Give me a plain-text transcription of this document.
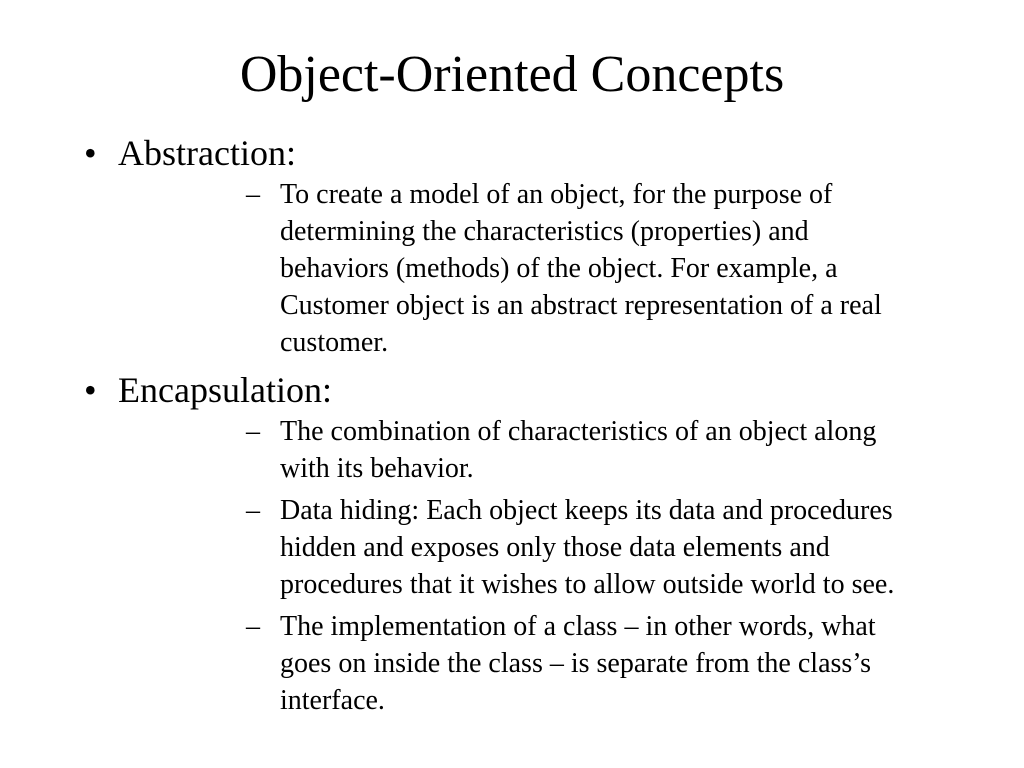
Object-Oriented Concepts
• Abstraction:
– To create a model of an object, for the purpose of determining the characteristics (properties) and behaviors (methods) of the object. For example, a Customer object is an abstract representation of a real customer.
• Encapsulation:
– The combination of characteristics of an object along with its behavior.
– Data hiding: Each object keeps its data and procedures hidden and exposes only those data elements and procedures that it wishes to allow outside world to see.
– The implementation of a class – in other words, what goes on inside the class – is separate from the class’s interface.
